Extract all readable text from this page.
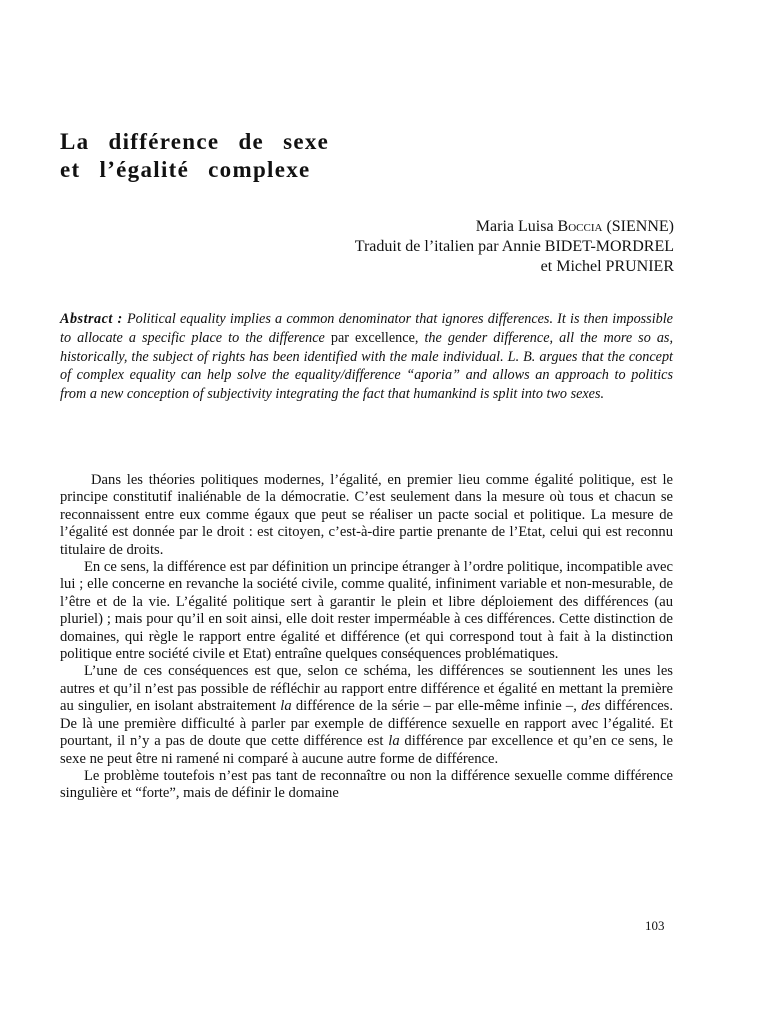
La différence de sexe
et l’égalité complexe
Maria Luisa Boccia (SIENNE)
Traduit de l’italien par Annie BIDET-MORDREL
et Michel PRUNIER

Abstract : Political equality implies a common denominator that ignores differences. It is then impossible to allocate a specific place to the difference par excellence, the gender difference, all the more so as, historically, the subject of rights has been identified with the male individual. L. B. argues that the concept of complex equality can help solve the equality/difference “aporia” and allows an approach to politics from a new conception of subjectivity integrating the fact that humankind is split into two sexes.

Dans les théories politiques modernes, l’égalité, en premier lieu comme égalité politique, est le principe constitutif inaliénable de la démocratie. C’est seulement dans la mesure où tous et chacun se reconnaissent entre eux comme égaux que peut se réaliser un pacte social et politique. La mesure de l’égalité est donnée par le droit : est citoyen, c’est-à-dire partie prenante de l’Etat, celui qui est reconnu titulaire de droits.

En ce sens, la différence est par définition un principe étranger à l’ordre politique, incompatible avec lui ; elle concerne en revanche la société civile, comme qualité, infiniment variable et non-mesurable, de l’être et de la vie. L’égalité politique sert à garantir le plein et libre déploiement des différences (au pluriel) ; mais pour qu’il en soit ainsi, elle doit rester imperméable à ces différences. Cette distinction de domaines, qui règle le rapport entre égalité et différence (et qui correspond tout à fait à la distinction politique entre société civile et Etat) entraîne quelques conséquences problématiques.

L’une de ces conséquences est que, selon ce schéma, les différences se soutiennent les unes les autres et qu’il n’est pas possible de réfléchir au rapport entre différence et égalité en mettant la première au singulier, en isolant abstraitement la différence de la série – par elle-même infinie –, des différences. De là une première difficulté à parler par exemple de différence sexuelle en rapport avec l’égalité. Et pourtant, il n’y a pas de doute que cette différence est la différence par excellence et qu’en ce sens, le sexe ne peut être ni ramené ni comparé à aucune autre forme de différence.

Le problème toutefois n’est pas tant de reconnaître ou non la différence sexuelle comme différence singulière et “forte”, mais de définir le domaine

103
